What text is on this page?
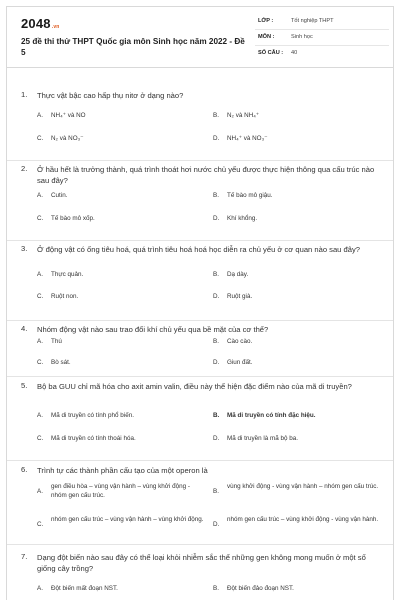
2048.vn
25 đề thi thử THPT Quốc gia môn Sinh học năm 2022 - Đề 5
LỚP :	Tốt nghiệp THPT
MÔN :	Sinh học
SỐ CÂU : 40
1. Thực vật bậc cao hấp thụ nitơ ở dạng nào?
A. NH₄⁺ và NO	B. N₂ và NH₄⁺
C. N₂ và NO₃⁻	D. NH₄⁺ và NO₃⁻
2. Ở hầu hết là trưởng thành, quá trình thoát hơi nước chủ yếu được thực hiện thông qua cấu trúc nào sau đây?
A. Cutin.	B. Tế bào mô giậu.
C. Tế bào mô xốp.	D. Khí khổng.
3. Ở động vật có ống tiêu hoá, quá trình tiêu hoá hoá học diễn ra chủ yếu ở cơ quan nào sau đây?
A. Thực quản.	B. Dạ dày.
C. Ruột non.	D. Ruột già.
4. Nhóm động vật nào sau trao đổi khí chủ yếu qua bề mặt của cơ thể?
A. Thú	B. Cào cào.
C. Bò sát.	D. Giun đất.
5. Bộ ba GUU chỉ mã hóa cho axit amin valin, điều này thể hiện đặc điểm nào của mã di truyền?
A. Mã di truyền có tính phổ biến.	B. Mã di truyền có tính đặc hiệu.
C. Mã di truyền có tính thoái hóa.	D. Mã di truyền là mã bộ ba.
6. Trình tự các thành phần cấu tạo của một operon là
A.
gen điều hòa – vùng vận hành – vùng khởi động - nhóm gen cấu trúc.
B.
vùng khởi động - vùng vận hành – nhóm gen cấu trúc.
C.
nhóm gen cấu trúc – vùng vận hành – vùng khởi động.
D.
nhóm gen cấu trúc – vùng khởi động - vùng vận hành.
7. Dạng đột biến nào sau đây có thể loại khỏi nhiễm sắc thể những gen không mong muốn ở một số giống cây trồng?
A. Đột biến mất đoạn NST.	B. Đột biến đảo đoạn NST.
